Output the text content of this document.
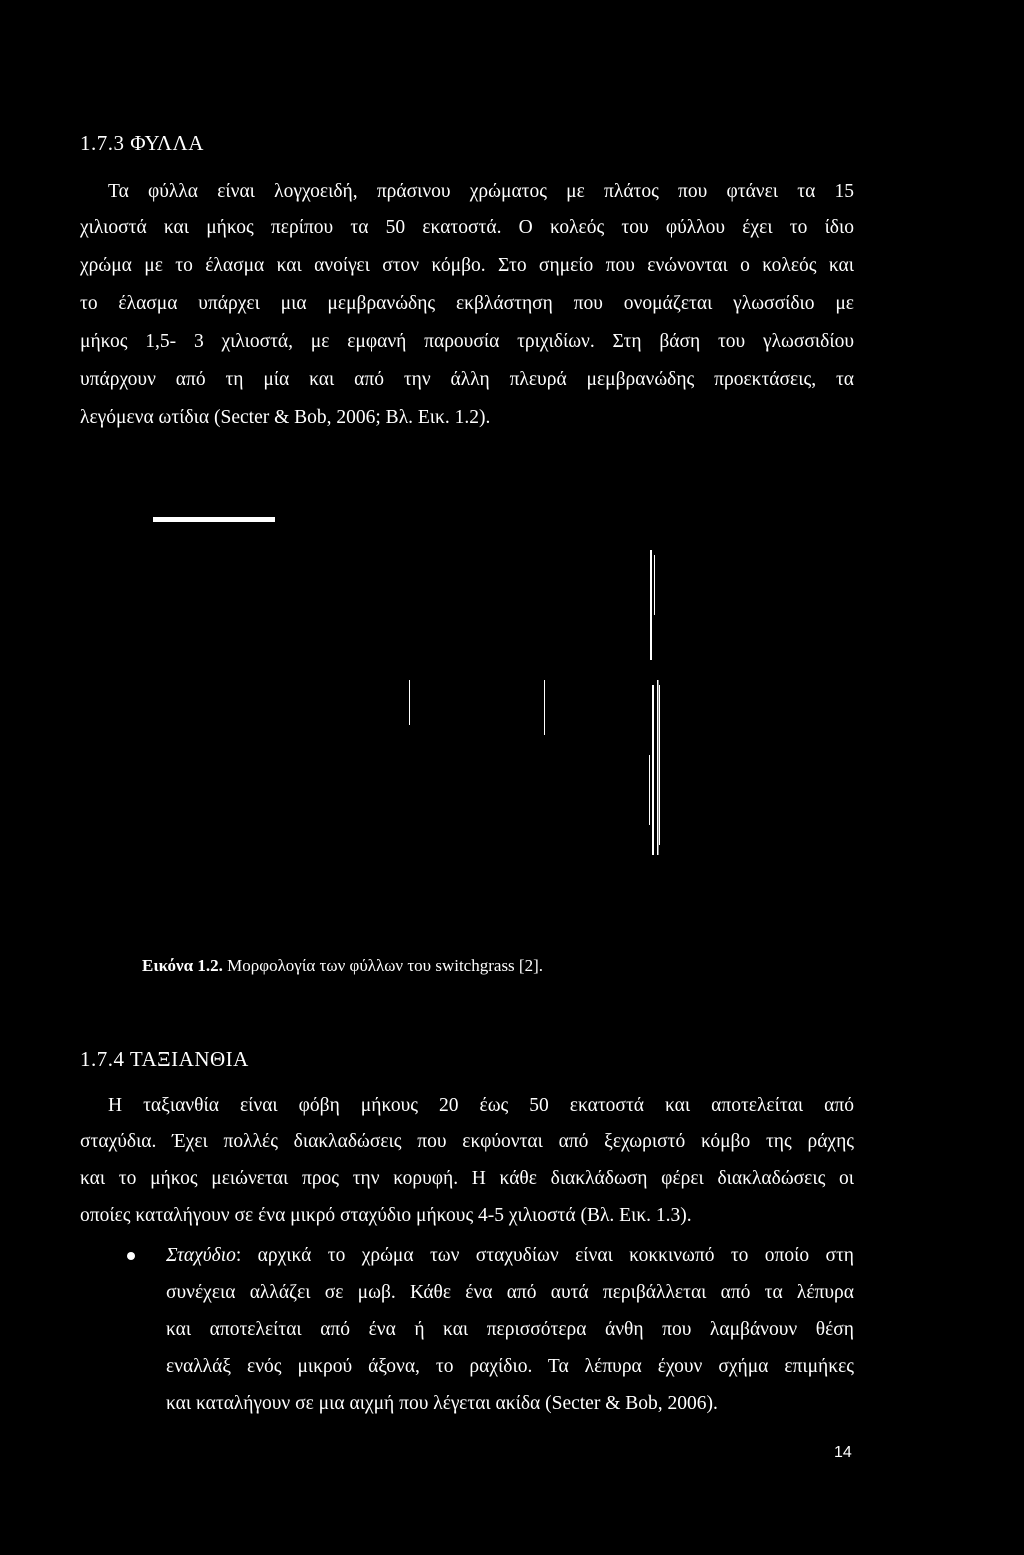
1.7.3 ΦΥΛΛΑ
Τα φύλλα είναι λογχοειδή, πράσινου χρώματος με πλάτος που φτάνει τα 15
χιλιοστά και μήκος περίπου τα 50 εκατοστά. Ο κολεός του φύλλου έχει το ίδιο
χρώμα με το έλασμα και ανοίγει στον κόμβο. Στο σημείο που ενώνονται ο κολεός και
το έλασμα υπάρχει μια μεμβρανώδης εκβλάστηση που ονομάζεται γλωσσίδιο με
μήκος 1,5- 3 χιλιοστά, με εμφανή παρουσία τριχιδίων. Στη βάση του γλωσσιδίου
υπάρχουν από τη μία και από την άλλη πλευρά μεμβρανώδης προεκτάσεις, τα
λεγόμενα ωτίδια (Secter & Bob, 2006; Βλ. Εικ. 1.2).
Εικόνα 1.2. Μορφολογία των φύλλων του switchgrass [2].
1.7.4 ΤΑΞΙΑΝΘΙΑ
Η ταξιανθία είναι φόβη μήκους 20 έως 50 εκατοστά και αποτελείται από
σταχύδια. Έχει πολλές διακλαδώσεις που εκφύονται από ξεχωριστό κόμβο της ράχης
και το μήκος μειώνεται προς την κορυφή. Η κάθε διακλάδωση φέρει διακλαδώσεις οι
οποίες καταλήγουν σε ένα μικρό σταχύδιο μήκους 4-5 χιλιοστά (Βλ. Εικ. 1.3).
Σταχύδιο: αρχικά το χρώμα των σταχυδίων είναι κοκκινωπό το οποίο στη
συνέχεια αλλάζει σε μωβ. Κάθε ένα από αυτά περιβάλλεται από τα λέπυρα
και αποτελείται από ένα ή και περισσότερα άνθη που λαμβάνουν θέση
εναλλάξ ενός μικρού άξονα, το ραχίδιο. Τα λέπυρα έχουν σχήμα επιμήκες
και καταλήγουν σε μια αιχμή που λέγεται ακίδα (Secter & Bob, 2006).
14
